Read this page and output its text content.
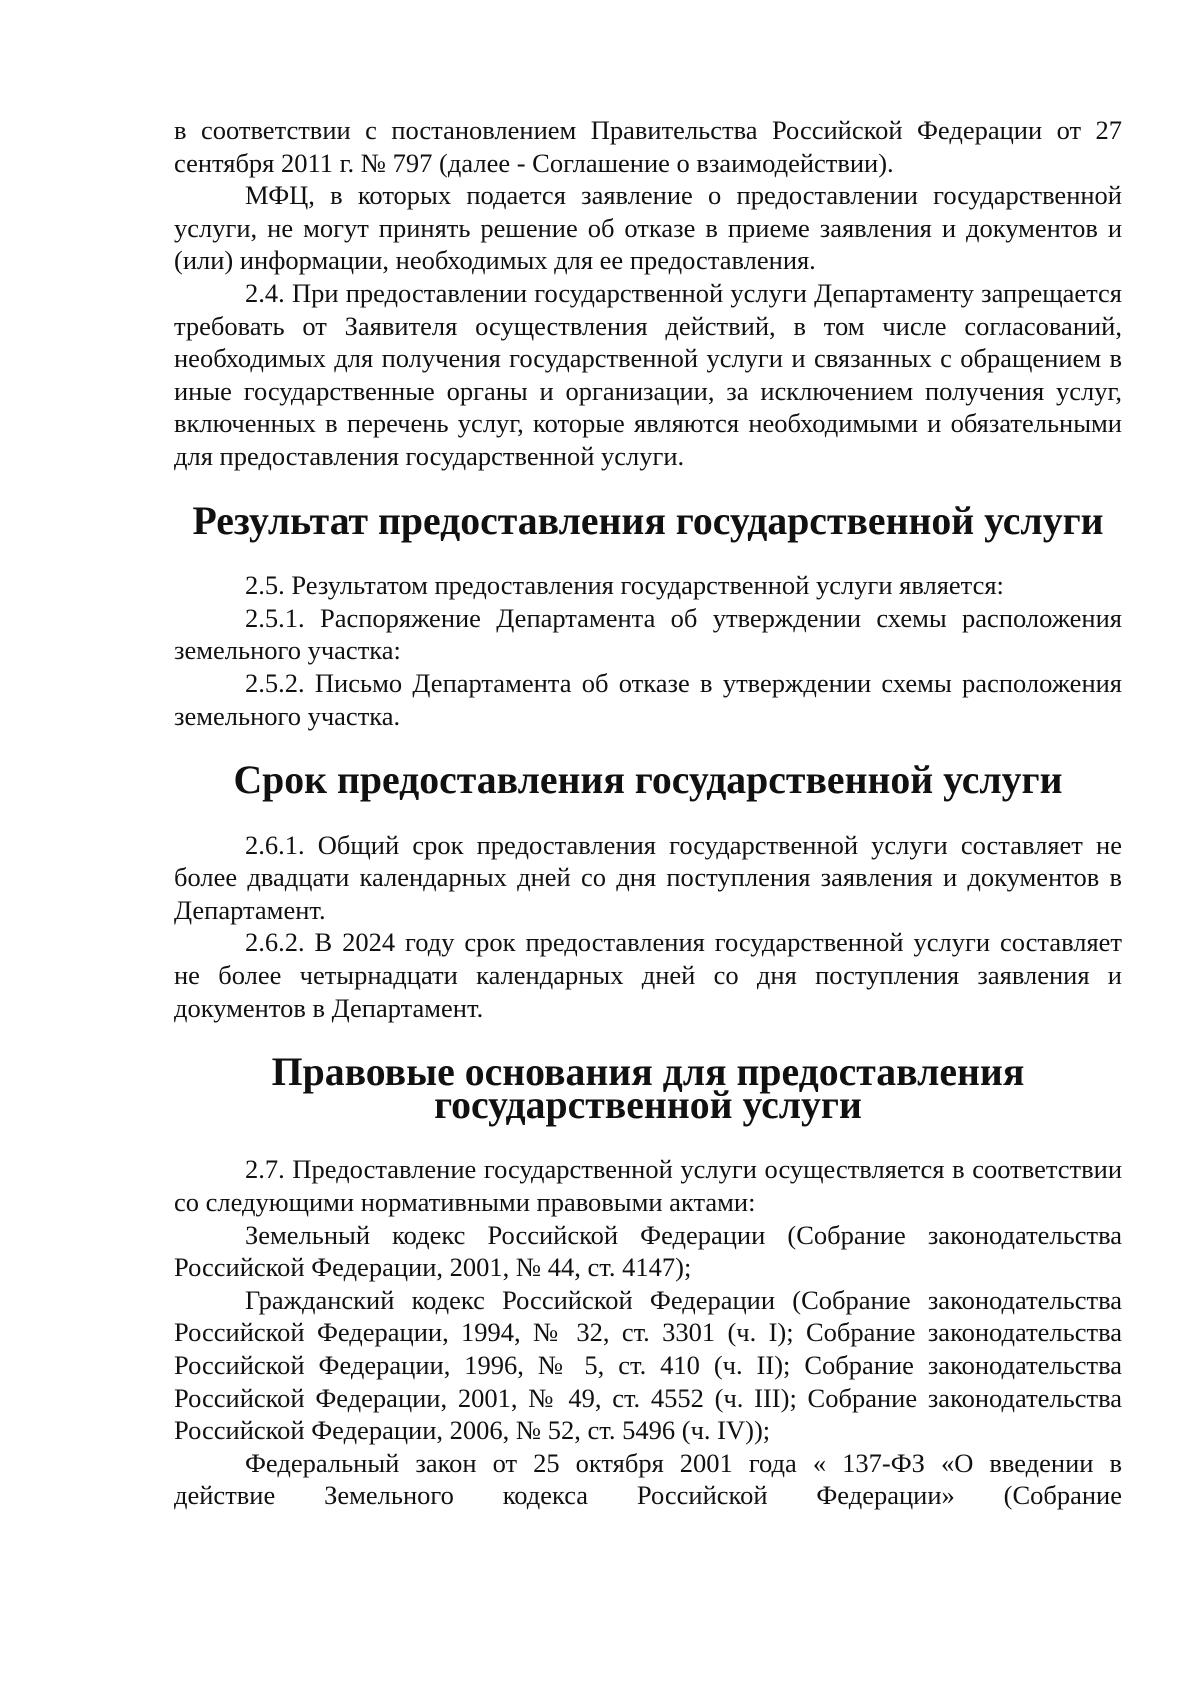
в соответствии с постановлением Правительства Российской Федерации от 27 сентября 2011 г. № 797 (далее - Соглашение о взаимодействии).

МФЦ, в которых подается заявление о предоставлении государственной услуги, не могут принять решение об отказе в приеме заявления и документов и (или) информации, необходимых для ее предоставления.

2.4. При предоставлении государственной услуги Департаменту запрещается требовать от Заявителя осуществления действий, в том числе согласований, необходимых для получения государственной услуги и связанных с обращением в иные государственные органы и организации, за исключением получения услуг, включенных в перечень услуг, которые являются необходимыми и обязательными для предоставления государственной услуги.

Результат предоставления государственной услуги

2.5. Результатом предоставления государственной услуги является:

2.5.1. Распоряжение Департамента об утверждении схемы расположения земельного участка:

2.5.2. Письмо Департамента об отказе в утверждении схемы расположения земельного участка.

Срок предоставления государственной услуги

2.6.1. Общий срок предоставления государственной услуги составляет не более двадцати календарных дней со дня поступления заявления и документов в Департамент.

2.6.2. В 2024 году срок предоставления государственной услуги составляет не более четырнадцати календарных дней со дня поступления заявления и документов в Департамент.

Правовые основания для предоставления государственной услуги

2.7. Предоставление государственной услуги осуществляется в соответствии со следующими нормативными правовыми актами:

Земельный кодекс Российской Федерации (Собрание законодательства Российской Федерации, 2001, № 44, ст. 4147);

Гражданский кодекс Российской Федерации (Собрание законодательства Российской Федерации, 1994, № 32, ст. 3301 (ч. I); Собрание законодательства Российской Федерации, 1996, № 5, ст. 410 (ч. II); Собрание законодательства Российской Федерации, 2001, № 49, ст. 4552 (ч. III); Собрание законодательства Российской Федерации, 2006, № 52, ст. 5496 (ч. IV));

Федеральный закон от 25 октября 2001 года « 137-ФЗ «О введении в действие Земельного кодекса Российской Федерации» (Собрание
